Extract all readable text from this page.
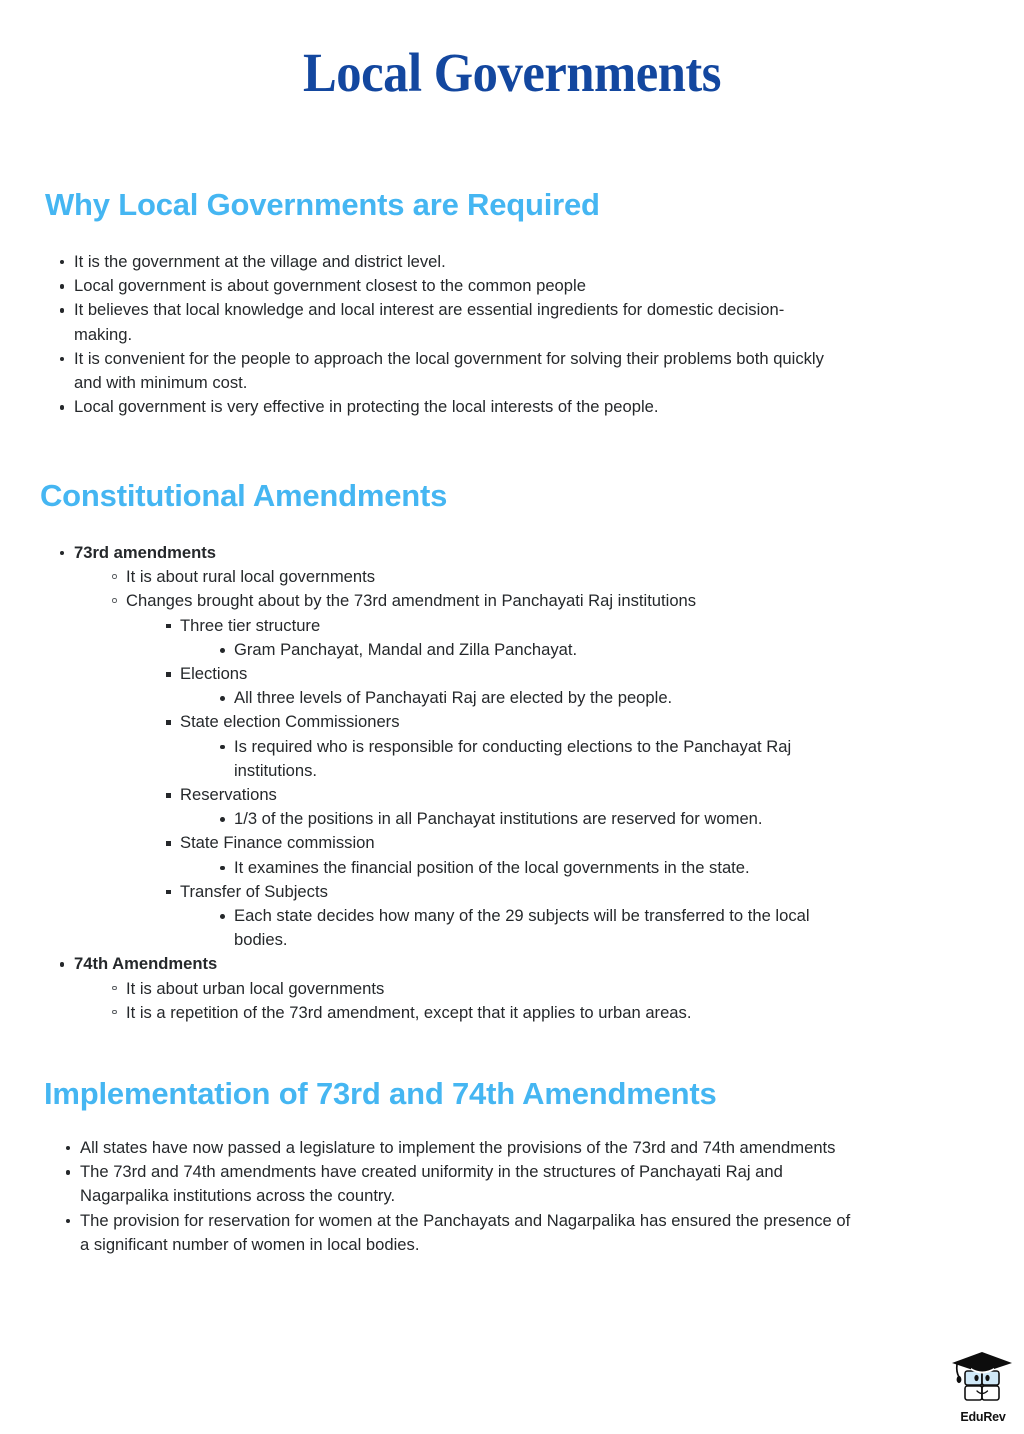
Local Governments
Why Local Governments are Required
It is the government at the village and district level.
Local government is about government closest to the common people
It believes that local knowledge and local interest are essential ingredients for domestic decision-making.
It is convenient for the people to approach the local government for solving their problems both quickly and with minimum cost.
Local government is very effective in protecting the local interests of the people.
Constitutional Amendments
73rd amendments
It is about rural local governments
Changes brought about by the 73rd amendment in Panchayati Raj institutions
Three tier structure
Gram Panchayat, Mandal and Zilla Panchayat.
Elections
All three levels of Panchayati Raj are elected by the people.
State election Commissioners
Is required who is responsible for conducting elections to the Panchayat Raj institutions.
Reservations
1/3 of the positions in all Panchayat institutions are reserved for women.
State Finance commission
It examines the financial position of the local governments in the state.
Transfer of Subjects
Each state decides how many of the 29 subjects will be transferred to the local bodies.
74th Amendments
It is about urban local governments
It is a repetition of the 73rd amendment, except that it applies to urban areas.
Implementation of 73rd and 74th Amendments
All states have now passed a legislature to implement the provisions of the 73rd and 74th amendments
The 73rd and 74th amendments have created uniformity in the structures of Panchayati Raj and Nagarpalika institutions across the country.
The provision for reservation for women at the Panchayats and Nagarpalika has ensured the presence of a significant number of women in local bodies.
EduRev
